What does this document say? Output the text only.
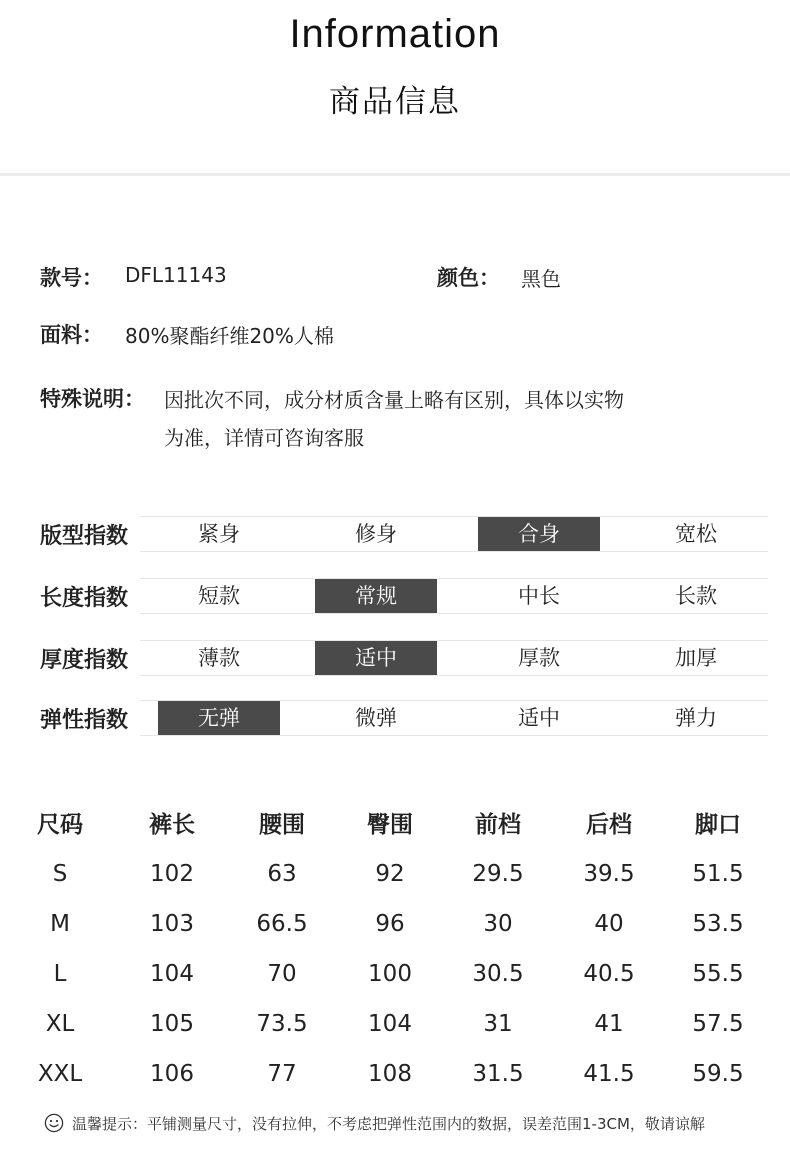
Information
商品信息
款号： DFL11143	颜色： 黑色
面料： 80%聚酯纤维20%人棉
特殊说明： 因批次不同，成分材质含量上略有区别，具体以实物
为准，详情可咨询客服
版型指数	紧身	修身	合身	宽松
长度指数	短款	常规	中长	长款
厚度指数	薄款	适中	厚款	加厚
弹性指数	无弹	微弹	适中	弹力
尺码	裤长	腰围	臀围	前档	后档	脚口
S	102	63	92	29.5	39.5	51.5
M	103	66.5	96	30	40	53.5
L	104	70	100	30.5	40.5	55.5
XL	105	73.5	104	31	41	57.5
XXL	106	77	108	31.5	41.5	59.5
温馨提示：平铺测量尺寸，没有拉伸，不考虑把弹性范围内的数据，误差范围1-3CM，敬请谅解
